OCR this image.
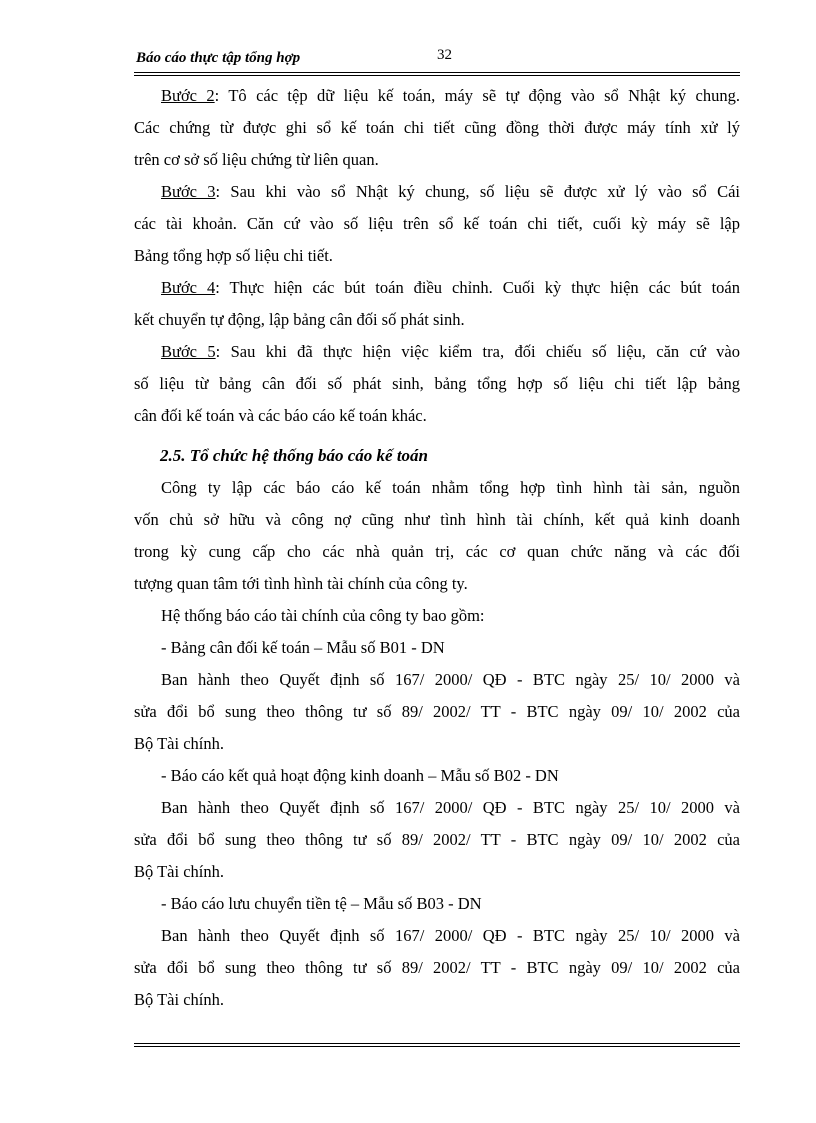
Báo cáo thực tập tổng hợp	32
Bước 2: Tô các tệp dữ liệu kế toán, máy sẽ tự động vào sổ Nhật ký chung.
Các chứng từ được ghi sổ kế toán chi tiết cũng đồng thời được máy tính xử lý
trên cơ sở số liệu chứng từ liên quan.
Bước 3: Sau khi vào sổ Nhật ký chung, số liệu sẽ được xử lý vào sổ Cái
các tài khoản. Căn cứ vào số liệu trên sổ kế toán chi tiết, cuối kỳ máy sẽ lập
Bảng tổng hợp số liệu chi tiết.
Bước 4: Thực hiện các bút toán điều chỉnh. Cuối kỳ thực hiện các bút toán
kết chuyển tự động, lập bảng cân đối số phát sinh.
Bước 5: Sau khi đã thực hiện việc kiểm tra, đối chiếu số liệu, căn cứ vào
số liệu từ bảng cân đối số phát sinh, bảng tổng hợp số liệu chi tiết lập bảng
cân đối kế toán và các báo cáo kế toán khác.
2.5. Tổ chức hệ thống báo cáo kế toán
Công ty lập các báo cáo kế toán nhằm tổng hợp tình hình tài sản, nguồn
vốn chủ sở hữu và công nợ cũng như tình hình tài chính, kết quả kinh doanh
trong kỳ cung cấp cho các nhà quản trị, các cơ quan chức năng và các đối
tượng quan tâm tới tình hình tài chính của công ty.
Hệ thống báo cáo tài chính của công ty bao gồm:
- Bảng cân đối kế toán – Mẫu số B01 - DN
Ban hành theo Quyết định số 167/ 2000/ QĐ - BTC ngày 25/ 10/ 2000 và
sửa đổi bổ sung theo thông tư số 89/ 2002/ TT - BTC ngày 09/ 10/ 2002 của
Bộ Tài chính.
- Báo cáo kết quả hoạt động kinh doanh – Mẫu số B02 - DN
Ban hành theo Quyết định số 167/ 2000/ QĐ - BTC ngày 25/ 10/ 2000 và
sửa đổi bổ sung theo thông tư số 89/ 2002/ TT - BTC ngày 09/ 10/ 2002 của
Bộ Tài chính.
- Báo cáo lưu chuyển tiền tệ – Mẫu số B03 - DN
Ban hành theo Quyết định số 167/ 2000/ QĐ - BTC ngày 25/ 10/ 2000 và
sửa đổi bổ sung theo thông tư số 89/ 2002/ TT - BTC ngày 09/ 10/ 2002 của
Bộ Tài chính.
